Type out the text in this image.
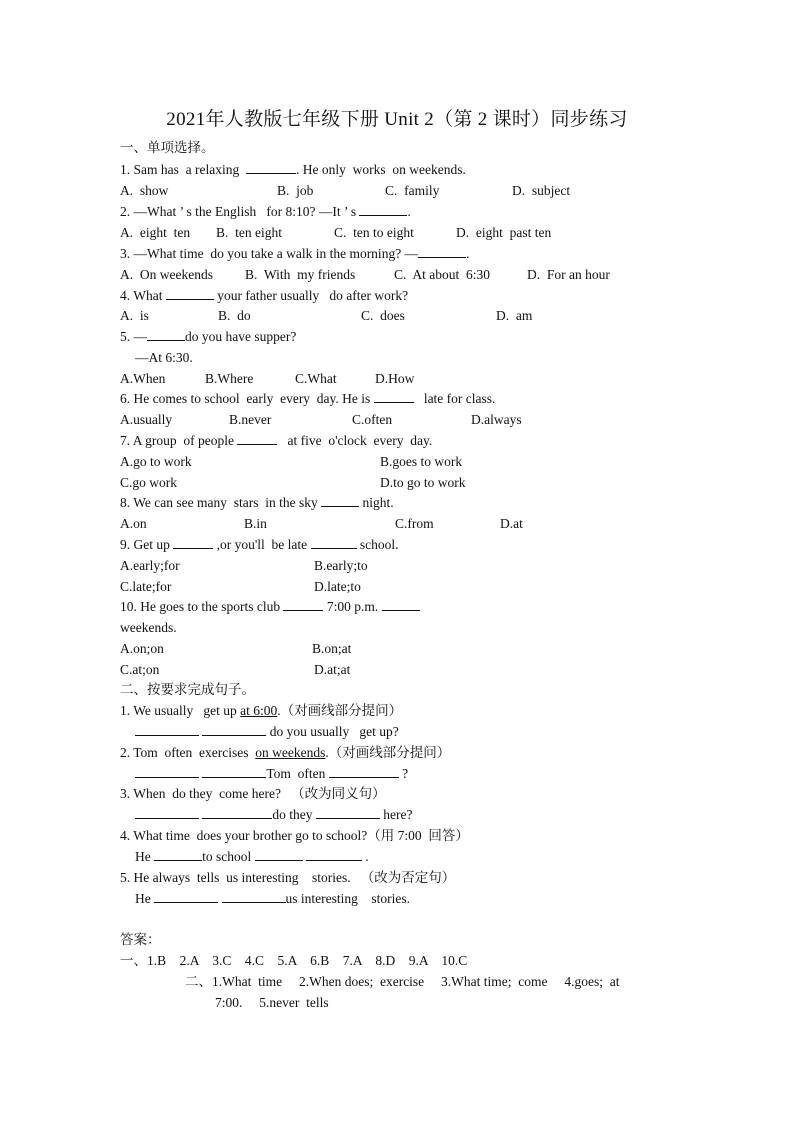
2021年人教版七年级下册 Unit 2（第 2 课时）同步练习
一、单项选择。
1. Sam has  a relaxing	. He only  works  on weekends.
A.  show	B.  job	C.  family	D.  subject
2. —What ’ s the English   for 8:10? —It ’ s	.
A.  eight  ten B.  ten eight	C.  ten to eight	D.  eight  past ten
3. —What time  do you take a walk in the morning? —	.
A.  On weekends B.  With  my friends	C.  At about  6:30	D.  For an hour
4. What	your father usually   do after work?
A.  is	B.  do	C.  does	D.  am
5. —	do you have supper?
—At 6:30.
A.When	B.Where	C.What	D.How
6. He comes to school  early  every  day. He is	late for class.
A.usually	B.never	C.often	D.always
7. A group  of people	at five  o'clock  every  day.
A.go to work	B.goes to work
C.go work	D.to go to work
8. We can see many  stars  in the sky	night.
A.on	B.in	C.from	D.at
9. Get up	,or you'll  be late	school.
A.early;for	B.early;to
C.late;for	D.late;to
10. He goes to the sports club	7:00 p.m.
weekends.
A.on;on	B.on;at
C.at;on	D.at;at
二、按要求完成句子。
1. We usually   get up at 6:00.（对画线部分提问）
do you usually   get up?
2. Tom  often  exercises  on weekends.（对画线部分提问）
Tom  often	?
3. When  do they  come here?   （改为同义句）
do they	here?
4. What time  does your brother go to school?（用 7:00  回答）
He	to school	.
5. He always  tells  us interesting    stories.   （改为否定句）
He	us interesting    stories.
答案：
一、1.B    2.A    3.C    4.C    5.A    6.B    7.A    8.D    9.A    10.C
二、1.What  time     2.When does;  exercise     3.What time;  come     4.goes;  at
7:00.     5.never  tells
